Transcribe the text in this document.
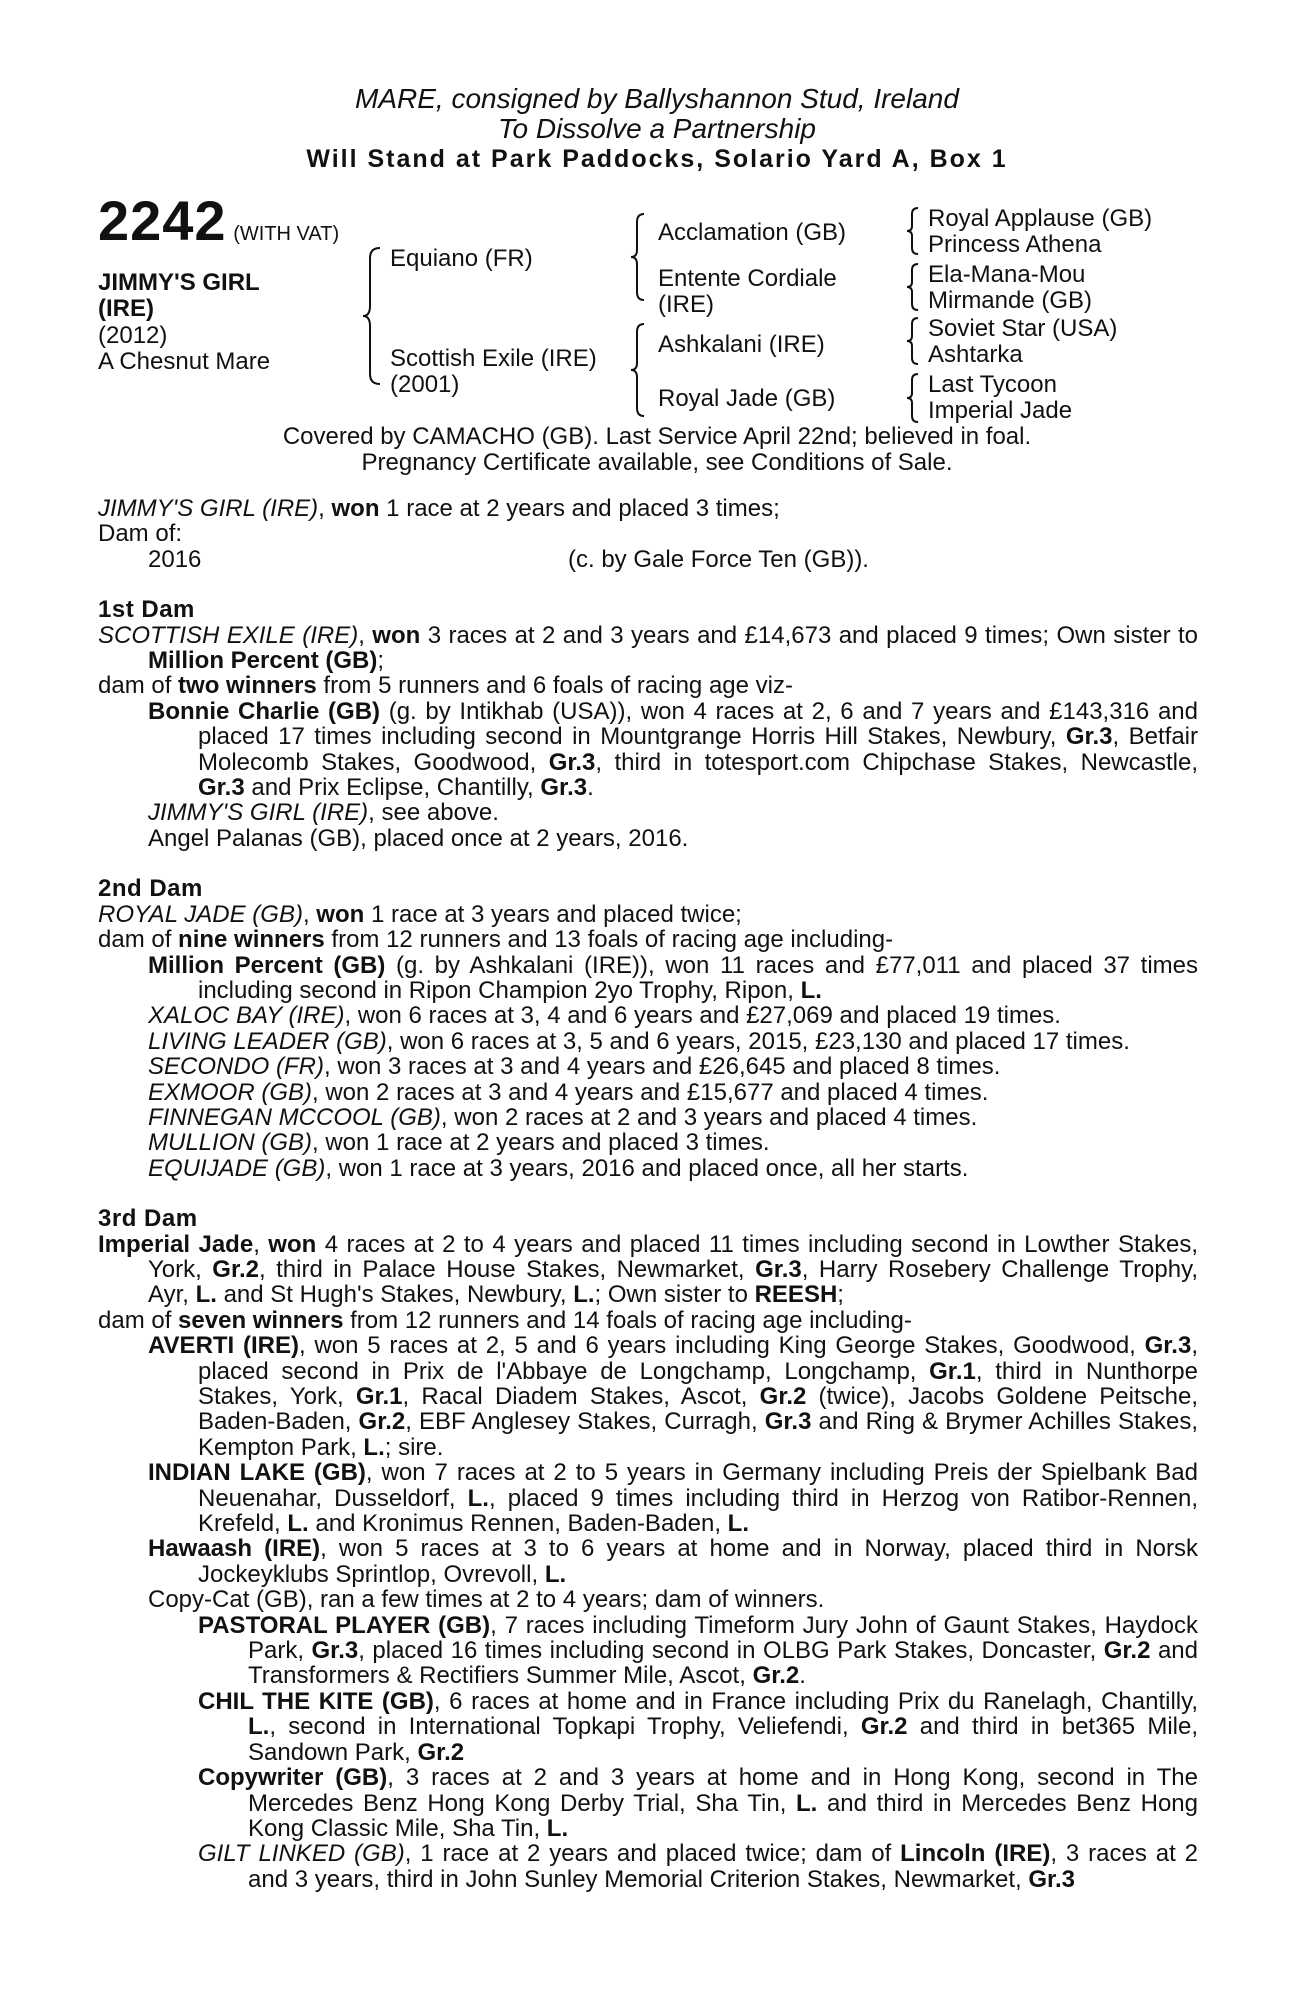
MARE, consigned by Ballyshannon Stud, Ireland
To Dissolve a Partnership
Will Stand at Park Paddocks, Solario Yard A, Box 1
2242 (WITH VAT)
JIMMY'S GIRL
(IRE)
(2012)
A Chesnut Mare
Equiano (FR)
Scottish Exile (IRE)
(2001)
Acclamation (GB)
Entente Cordiale
(IRE)
Ashkalani (IRE)
Royal Jade (GB)
Royal Applause (GB)
Princess Athena
Ela-Mana-Mou
Mirmande (GB)
Soviet Star (USA)
Ashtarka
Last Tycoon
Imperial Jade
Covered by CAMACHO (GB). Last Service April 22nd; believed in foal.
Pregnancy Certificate available, see Conditions of Sale.

JIMMY'S GIRL (IRE), won 1 race at 2 years and placed 3 times;

Dam of:

2016	(c. by Gale Force Ten (GB)).
1st Dam

SCOTTISH EXILE (IRE), won 3 races at 2 and 3 years and £14,673 and placed 9 times; Own sister to Million Percent (GB);

dam of two winners from 5 runners and 6 foals of racing age viz-

Bonnie Charlie (GB) (g. by Intikhab (USA)), won 4 races at 2, 6 and 7 years and £143,316 and placed 17 times including second in Mountgrange Horris Hill Stakes, Newbury, Gr.3, Betfair Molecomb Stakes, Goodwood, Gr.3, third in totesport.com Chipchase Stakes, Newcastle, Gr.3 and Prix Eclipse, Chantilly, Gr.3.

JIMMY'S GIRL (IRE), see above.

Angel Palanas (GB), placed once at 2 years, 2016.

2nd Dam

ROYAL JADE (GB), won 1 race at 3 years and placed twice;

dam of nine winners from 12 runners and 13 foals of racing age including-

Million Percent (GB) (g. by Ashkalani (IRE)), won 11 races and £77,011 and placed 37 times including second in Ripon Champion 2yo Trophy, Ripon, L.

XALOC BAY (IRE), won 6 races at 3, 4 and 6 years and £27,069 and placed 19 times.

LIVING LEADER (GB), won 6 races at 3, 5 and 6 years, 2015, £23,130 and placed 17 times.

SECONDO (FR), won 3 races at 3 and 4 years and £26,645 and placed 8 times.

EXMOOR (GB), won 2 races at 3 and 4 years and £15,677 and placed 4 times.

FINNEGAN MCCOOL (GB), won 2 races at 2 and 3 years and placed 4 times.

MULLION (GB), won 1 race at 2 years and placed 3 times.

EQUIJADE (GB), won 1 race at 3 years, 2016 and placed once, all her starts.

3rd Dam

Imperial Jade, won 4 races at 2 to 4 years and placed 11 times including second in Lowther Stakes, York, Gr.2, third in Palace House Stakes, Newmarket, Gr.3, Harry Rosebery Challenge Trophy, Ayr, L. and St Hugh's Stakes, Newbury, L.; Own sister to REESH;

dam of seven winners from 12 runners and 14 foals of racing age including-

AVERTI (IRE), won 5 races at 2, 5 and 6 years including King George Stakes, Goodwood, Gr.3, placed second in Prix de l'Abbaye de Longchamp, Longchamp, Gr.1, third in Nunthorpe Stakes, York, Gr.1, Racal Diadem Stakes, Ascot, Gr.2 (twice), Jacobs Goldene Peitsche, Baden-Baden, Gr.2, EBF Anglesey Stakes, Curragh, Gr.3 and Ring & Brymer Achilles Stakes, Kempton Park, L.; sire.

INDIAN LAKE (GB), won 7 races at 2 to 5 years in Germany including Preis der Spielbank Bad Neuenahar, Dusseldorf, L., placed 9 times including third in Herzog von Ratibor-Rennen, Krefeld, L. and Kronimus Rennen, Baden-Baden, L.

Hawaash (IRE), won 5 races at 3 to 6 years at home and in Norway, placed third in Norsk Jockeyklubs Sprintlop, Ovrevoll, L.

Copy-Cat (GB), ran a few times at 2 to 4 years; dam of winners.

PASTORAL PLAYER (GB), 7 races including Timeform Jury John of Gaunt Stakes, Haydock Park, Gr.3, placed 16 times including second in OLBG Park Stakes, Doncaster, Gr.2 and Transformers & Rectifiers Summer Mile, Ascot, Gr.2.

CHIL THE KITE (GB), 6 races at home and in France including Prix du Ranelagh, Chantilly, L., second in International Topkapi Trophy, Veliefendi, Gr.2 and third in bet365 Mile, Sandown Park, Gr.2

Copywriter (GB), 3 races at 2 and 3 years at home and in Hong Kong, second in The Mercedes Benz Hong Kong Derby Trial, Sha Tin, L. and third in Mercedes Benz Hong Kong Classic Mile, Sha Tin, L.

GILT LINKED (GB), 1 race at 2 years and placed twice; dam of Lincoln (IRE), 3 races at 2 and 3 years, third in John Sunley Memorial Criterion Stakes, Newmarket, Gr.3
